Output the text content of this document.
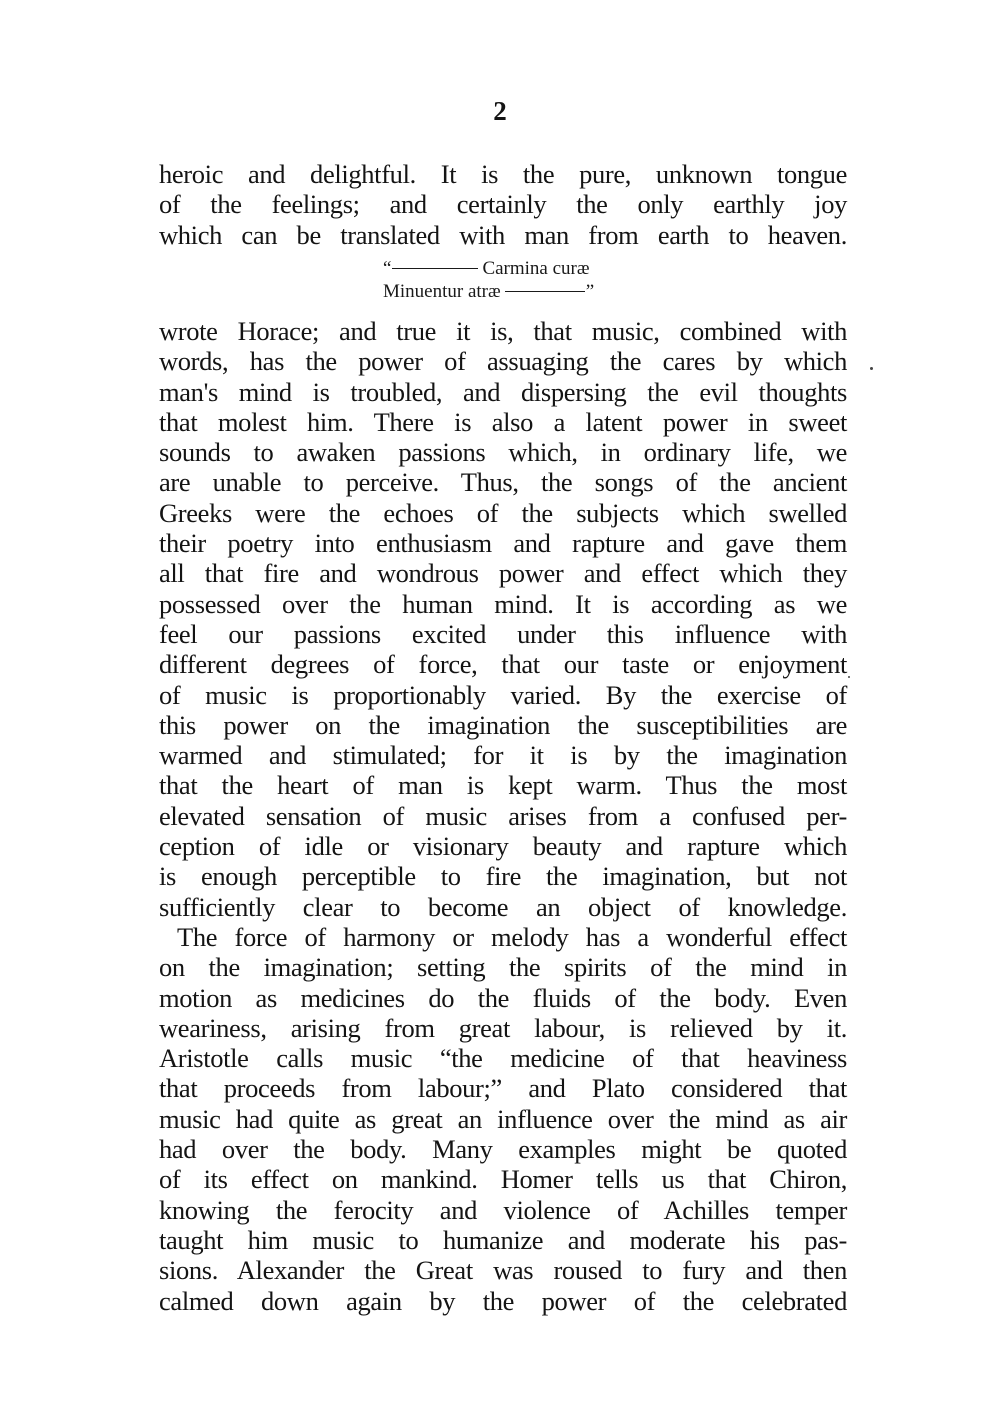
2
heroic and delightful. It is the pure, unknown tongue
of the feelings; and certainly the only earthly joy
which can be translated with man from earth to heaven.
“	Carmina curæ
Minuentur atræ	”
wrote Horace; and true it is, that music, combined with
words, has the power of assuaging the cares by which
man's mind is troubled, and dispersing the evil thoughts
that molest him. There is also a latent power in sweet
sounds to awaken passions which, in ordinary life, we
are unable to perceive. Thus, the songs of the ancient
Greeks were the echoes of the subjects which swelled
their poetry into enthusiasm and rapture and gave them
all that fire and wondrous power and effect which they
possessed over the human mind. It is according as we
feel our passions excited under this influence with
different degrees of force, that our taste or enjoyment
of music is proportionably varied. By the exercise of
this power on the imagination the susceptibilities are
warmed and stimulated; for it is by the imagination
that the heart of man is kept warm. Thus the most
elevated sensation of music arises from a confused per-
ception of idle or visionary beauty and rapture which
is enough perceptible to fire the imagination, but not
sufficiently clear to become an object of knowledge.
The force of harmony or melody has a wonderful effect
on the imagination; setting the spirits of the mind in
motion as medicines do the fluids of the body. Even
weariness, arising from great labour, is relieved by it.
Aristotle calls music “the medicine of that heaviness
that proceeds from labour;” and Plato considered that
music had quite as great an influence over the mind as air
had over the body. Many examples might be quoted
of its effect on mankind. Homer tells us that Chiron,
knowing the ferocity and violence of Achilles temper
taught him music to humanize and moderate his pas-
sions. Alexander the Great was roused to fury and then
calmed down again by the power of the celebrated
